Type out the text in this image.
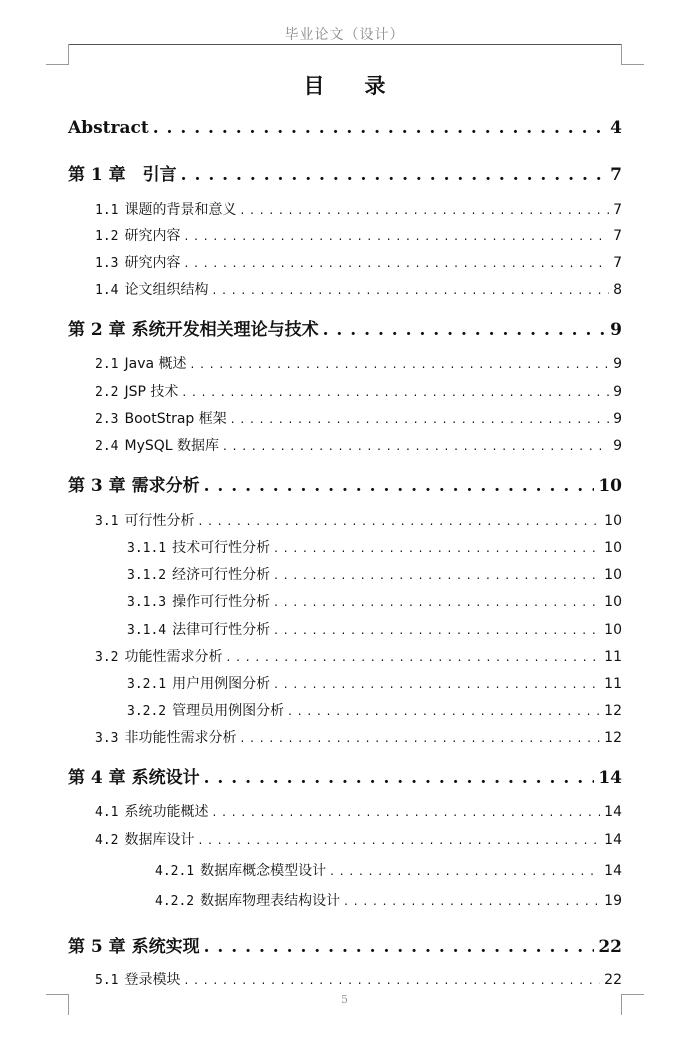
毕业论文（设计）
目 录
Abstract . . .	4
第 1 章　引言 . . .	7
1.1 课题的背景和意义 . . .	7
1.2 研究内容 . . .	7
1.3 研究内容 . . .	7
1.4 论文组织结构 . . .	8
第 2 章 系统开发相关理论与技术 . . .	9
2.1 Java 概述 . . .	9
2.2 JSP 技术 . . .	9
2.3 BootStrap 框架 . . .	9
2.4 MySQL 数据库 . . .	9
第 3 章 需求分析 . . .	10
3.1 可行性分析 . . .	10
3.1.1 技术可行性分析 . . .	10
3.1.2 经济可行性分析 . . .	10
3.1.3 操作可行性分析 . . .	10
3.1.4 法律可行性分析 . . .	10
3.2 功能性需求分析 . . .	11
3.2.1 用户用例图分析 . . .	11
3.2.2 管理员用例图分析 . . .	12
3.3 非功能性需求分析 . . .	12
第 4 章 系统设计 . . .	14
4.1 系统功能概述 . . .	14
4.2 数据库设计 . . .	14
4.2.1 数据库概念模型设计 . . .	14
4.2.2 数据库物理表结构设计 . . .	19
第 5 章 系统实现 . . .	22
5.1 登录模块 . . .	22
5
